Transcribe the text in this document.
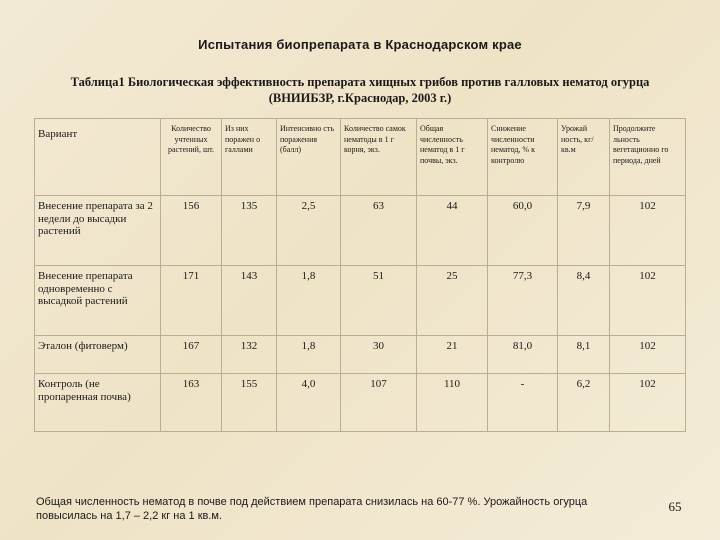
Испытания биопрепарата в Краснодарском крае
Таблица1 Биологическая эффективность препарата хищных грибов против галловых нематод огурца (ВНИИБЗР, г.Краснодар, 2003 г.)
Вариант	Количество учтенных растений, шт.	Из них поражен о галлами	Интенсивно сть поражения (балл)	Количество самок нематоды в 1 г корня, экз.	Общая численность нематод в 1 г почвы, экз.	Снижение численности нематод, % к контролю	Урожай ность, кг/ кв.м	Продолжите льность вегетационно го периода, дней
Внесение препарата за 2 недели до высадки растений	156	135	2,5	63	44	60,0	7,9	102
Внесение препарата одновременно с высадкой растений	171	143	1,8	51	25	77,3	8,4	102
Эталон (фитоверм)	167	132	1,8	30	21	81,0	8,1	102
Контроль (не пропаренная почва)	163	155	4,0	107	110	-	6,2	102
Общая численность нематод в почве под действием препарата снизилась на 60-77 %. Урожайность огурца повысилась на 1,7 – 2,2 кг на 1 кв.м.
65
